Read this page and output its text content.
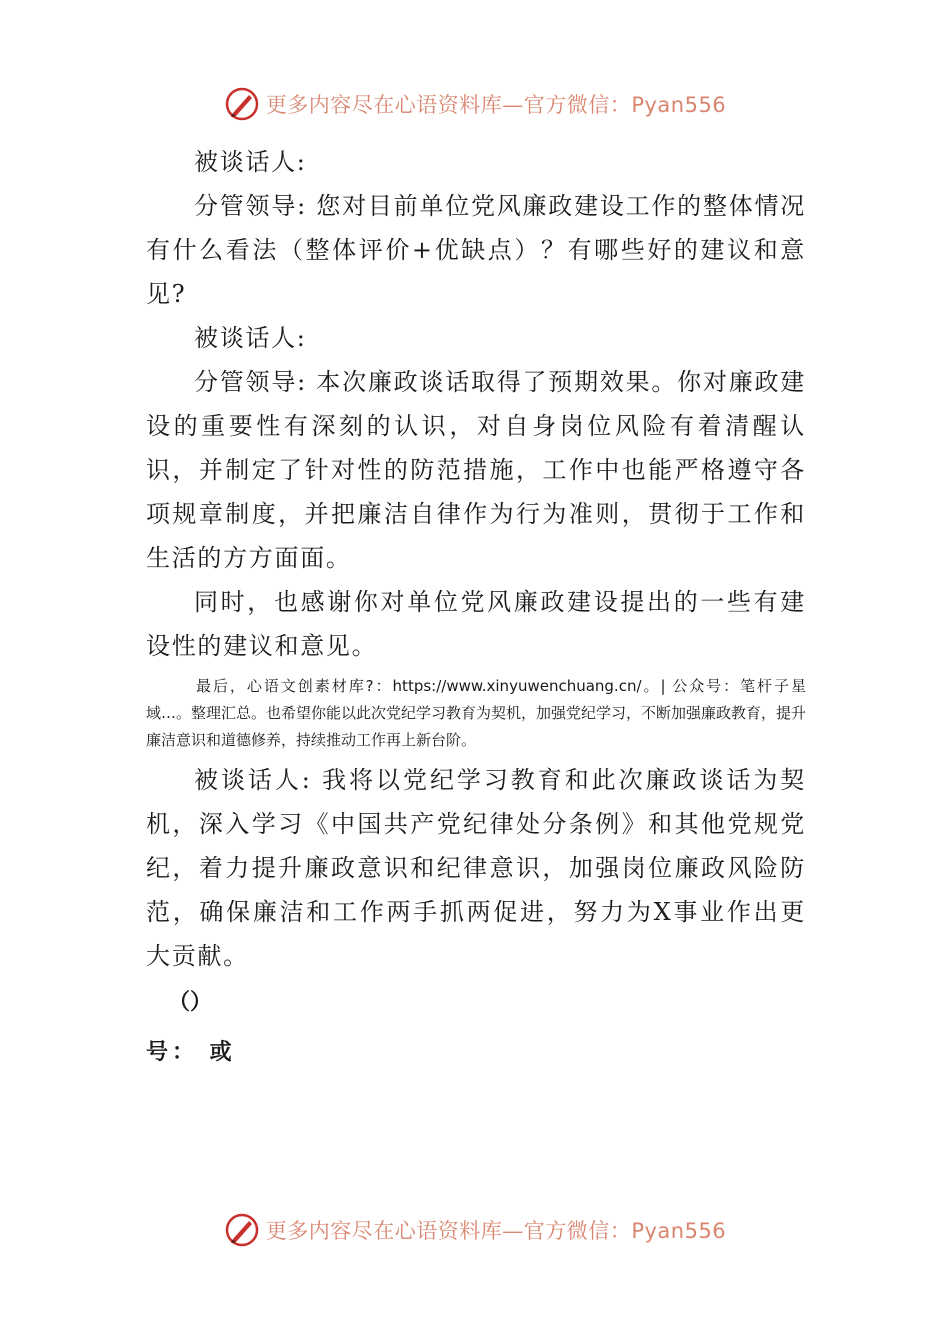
更多内容尽在心语资料库—官方微信：Pyan556

被谈话人:

分管领导: 您对目前单位党风廉政建设工作的整体情况有什么看法（整体评价+优缺点）？有哪些好的建议和意见?

被谈话人:

分管领导: 本次廉政谈话取得了预期效果。你对廉政建设的重要性有深刻的认识，对自身岗位风险有着清醒认识，并制定了针对性的防范措施，工作中也能严格遵守各项规章制度，并把廉洁自律作为行为准则，贯彻于工作和生活的方方面面。

同时，也感谢你对单位党风廉政建设提出的一些有建设性的建议和意见。

最后，心语文创素材库?：https://www.xinyuwenchuang.cn/。| 公众号：笔杆子星域…。整理汇总。也希望你能以此次党纪学习教育为契机，加强党纪学习，不断加强廉政教育，提升廉洁意识和道德修养，持续推动工作再上新台阶。

被谈话人: 我将以党纪学习教育和此次廉政谈话为契机，深入学习《中国共产党纪律处分条例》和其他党规党纪，着力提升廉政意识和纪律意识，加强岗位廉政风险防范，确保廉洁和工作两手抓两促进，努力为X事业作出更大贡献。

（）
号： 或
更多内容尽在心语资料库—官方微信：Pyan556
